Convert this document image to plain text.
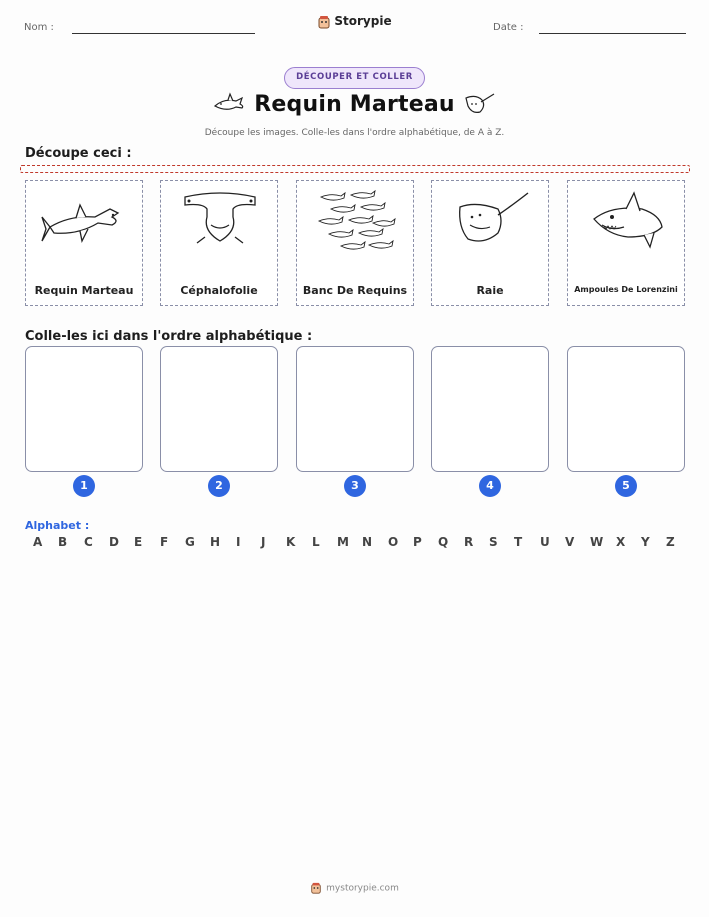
Nom :	Storypie	Date :
DÉCOUPER ET COLLER
Requin Marteau
Découpe les images. Colle-les dans l'ordre alphabétique, de A à Z.
Découpe ceci :
Requin Marteau	Céphalofolie	Banc De Requins	Raie	Ampoules De Lorenzini
Colle-les ici dans l'ordre alphabétique :
1	2	3	4	5
Alphabet :
A B C D E F G H I J K L M N O P Q R S T U V W X Y Z
mystorypie.com
